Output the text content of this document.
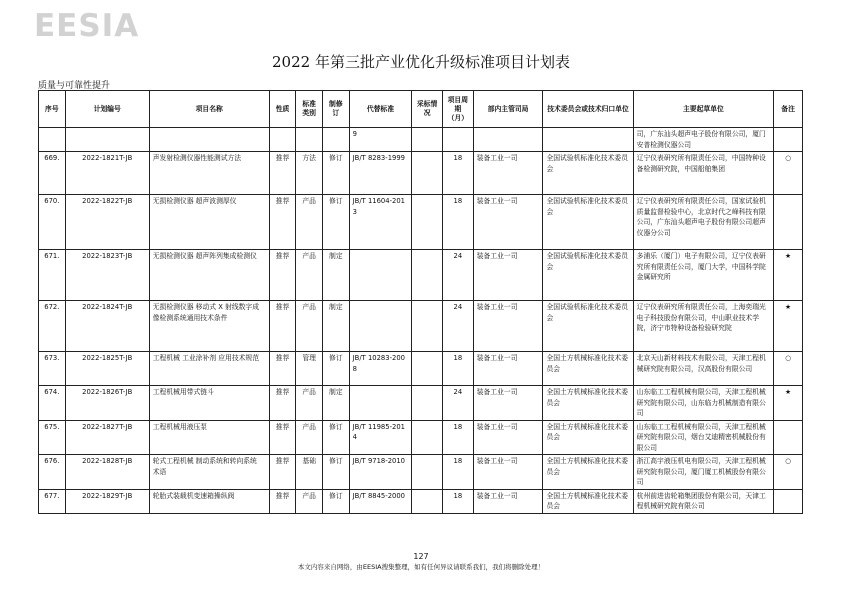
EESIA
2022 年第三批产业优化升级标准项目计划表
质量与可靠性提升
序号	计划编号	项目名称	性质	标准类别	制修订	代替标准	采标情况	项目周期（月）	部内主管司局	技术委员会或技术归口单位	主要起草单位	备注
						9					司，广东汕头超声电子股份有限公司，厦门安普检测仪器公司	
669.	2022-1821T-JB	声发射检测仪器性能测试方法	推荐	方法	修订	JB/T 8283-1999		18	装备工业一司	全国试验机标准化技术委员会	辽宁仪表研究所有限责任公司，中国特种设备检测研究院，中国船舶集团	○
670.	2022-1822T-JB	无损检测仪器 超声波测厚仪	推荐	产品	修订	JB/T 11604-2013		18	装备工业一司	全国试验机标准化技术委员会	辽宁仪表研究所有限责任公司，国家试验机质量监督检验中心，北京时代之峰科技有限公司，广东汕头超声电子股份有限公司超声仪器分公司	
671.	2022-1823T-JB	无损检测仪器 超声阵列集成检测仪	推荐	产品	制定			24	装备工业一司	全国试验机标准化技术委员会	多浦乐（厦门）电子有限公司，辽宁仪表研究所有限责任公司，厦门大学，中国科学院金属研究所	★
672.	2022-1824T-JB	无损检测仪器 移动式 X 射线数字成像检测系统通用技术条件	推荐	产品	制定			24	装备工业一司	全国试验机标准化技术委员会	辽宁仪表研究所有限责任公司，上海奕瑞光电子科技股份有限公司，中山职业技术学院，济宁市特种设备检验研究院	★
673.	2022-1825T-JB	工程机械 工业涂补剂 应用技术规范	推荐	管理	修订	JB/T 10283-2008		18	装备工业一司	全国土方机械标准化技术委员会	北京天山新材料技术有限公司，天津工程机械研究院有限公司，汉高股份有限公司	○
674.	2022-1826T-JB	工程机械用带式链斗	推荐	产品	制定			24	装备工业一司	全国土方机械标准化技术委员会	山东临工工程机械有限公司，天津工程机械研究院有限公司，山东临力机械制造有限公司	★
675.	2022-1827T-JB	工程机械用液压泵	推荐	产品	修订	JB/T 11985-2014		18	装备工业一司	全国土方机械标准化技术委员会	山东临工工程机械有限公司，天津工程机械研究院有限公司，烟台艾迪精密机械股份有限公司	
676.	2022-1828T-JB	轮式工程机械 制动系统和转向系统 术语	推荐	基础	修订	JB/T 9718-2010		18	装备工业一司	全国土方机械标准化技术委员会	浙江高宇液压机电有限公司，天津工程机械研究院有限公司，厦门厦工机械股份有限公司	○
677.	2022-1829T-JB	轮胎式装载机变速箱操纵阀	推荐	产品	修订	JB/T 8845-2000		18	装备工业一司	全国土方机械标准化技术委员会	杭州前进齿轮箱集团股份有限公司，天津工程机械研究院有限公司	
127
本文内容来自网络，由EESIA搜集整理，如有任何异议请联系我们，我们将删除处理！
